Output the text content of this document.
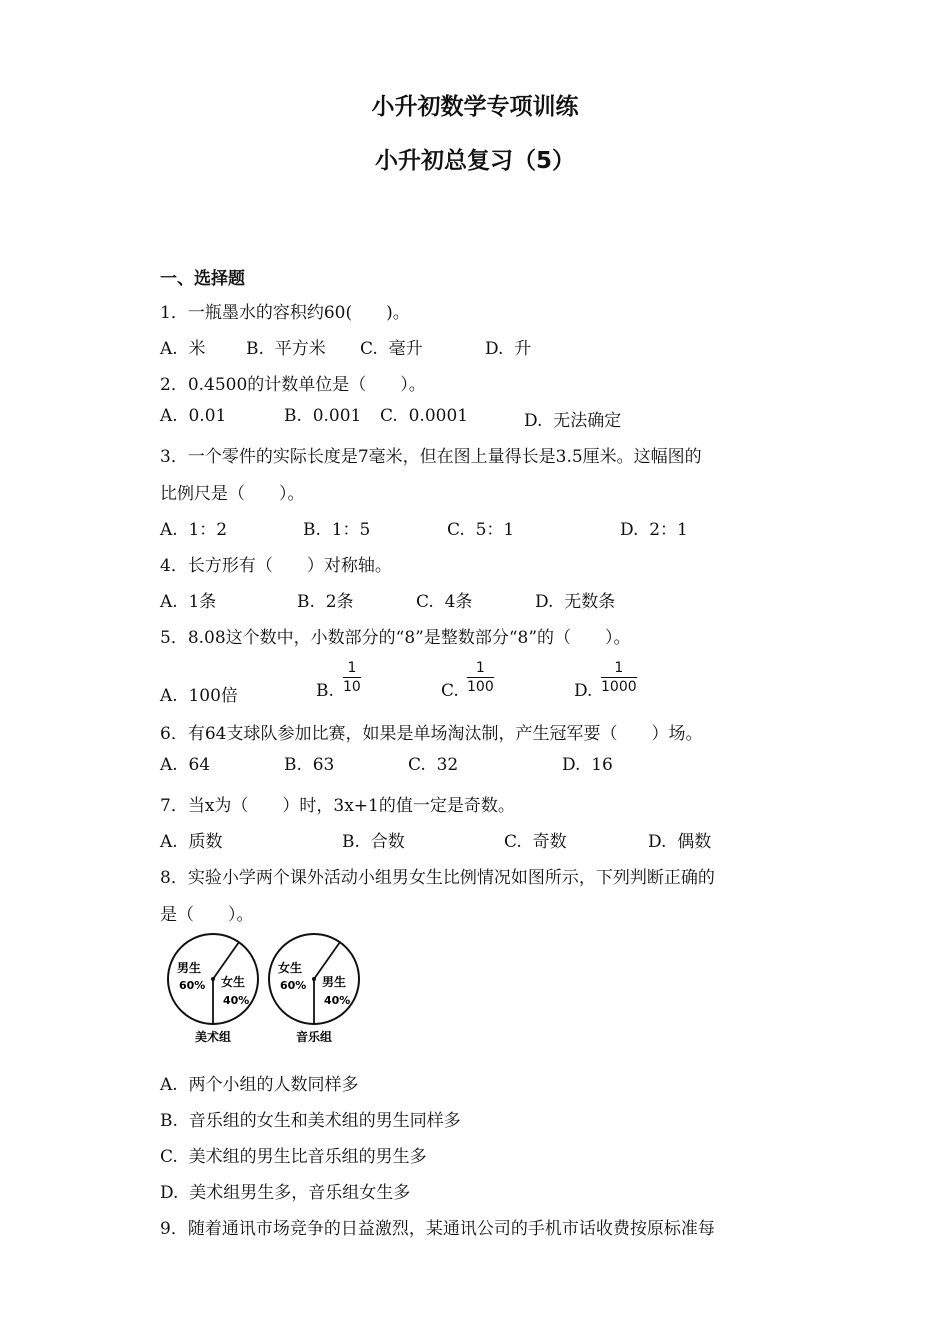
小升初数学专项训练
小升初总复习（5）
一、选择题
1．一瓶墨水的容积约60(　　)。
A.  米 B.  平方米 C.  毫升	D.  升
2．0.4500的计数单位是（　　）。
A.  0.01	B.  0.001 C.  0.0001	D.  无法确定
3．一个零件的实际长度是7毫米，但在图上量得长是3.5厘米。这幅图的
比例尺是（　　）。
A.  1：2	B.  1：5	C.  5：1	D.  2：1
4．长方形有（　　）对称轴。
A.  1条	B.  2条	C.  4条	D.  无数条
5．8.08这个数中，小数部分的“8”是整数部分“8”的（　　）。
A.  100倍	B. $\frac{1}{10}$	C. $\frac{1}{100}$	D. $\frac{1}{1000}$
6．有64支球队参加比赛，如果是单场淘汰制，产生冠军要（　　）场。
A.  64	B.  63	C.  32	D.  16
7．当x为（　　）时，3x+1的值一定是奇数。
A.  质数	B.  合数	C.  奇数	D.  偶数
8．实验小学两个课外活动小组男女生比例情况如图所示，下列判断正确的
是（　　）。
男生
60% 女生
40%
美术组
女生
60% 男生
40%
音乐组
A.  两个小组的人数同样多
B.  音乐组的女生和美术组的男生同样多
C.  美术组的男生比音乐组的男生多
D.  美术组男生多，音乐组女生多
9．随着通讯市场竞争的日益激烈，某通讯公司的手机市话收费按原标准每
